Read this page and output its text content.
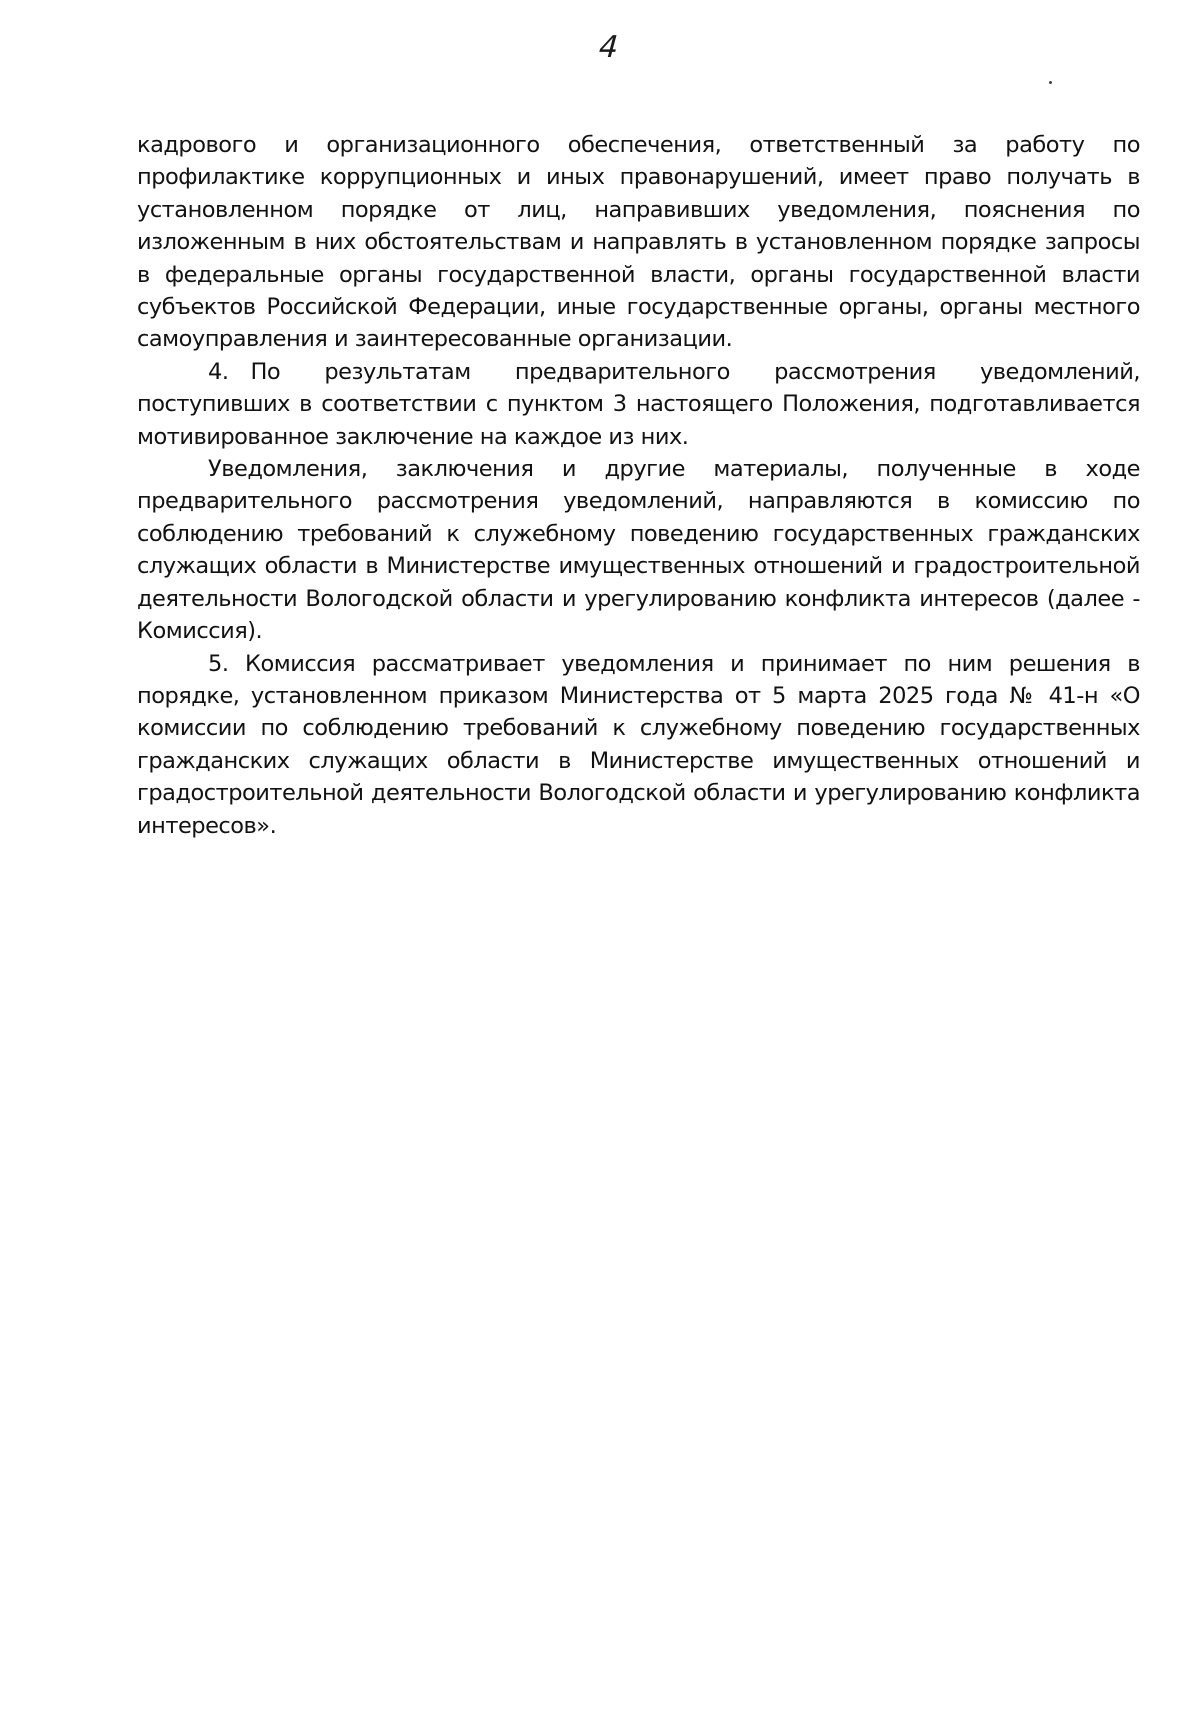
4

кадрового и организационного обеспечения, ответственный за работу по профилактике коррупционных и иных правонарушений, имеет право получать в установленном порядке от лиц, направивших уведомления, пояснения по изложенным в них обстоятельствам и направлять в установленном порядке запросы в федеральные органы государственной власти, органы государственной власти субъектов Российской Федерации, иные государственные органы, органы местного самоуправления и заинтересованные организации.

4. По результатам предварительного рассмотрения уведомлений, поступивших в соответствии с пунктом 3 настоящего Положения, подготавливается мотивированное заключение на каждое из них.

Уведомления, заключения и другие материалы, полученные в ходе предварительного рассмотрения уведомлений, направляются в комиссию по соблюдению требований к служебному поведению государственных гражданских служащих области в Министерстве имущественных отношений и градостроительной деятельности Вологодской области и урегулированию конфликта интересов (далее - Комиссия).

5. Комиссия рассматривает уведомления и принимает по ним решения в порядке, установленном приказом Министерства от 5 марта 2025 года № 41-н «О комиссии по соблюдению требований к служебному поведению государственных гражданских служащих области в Министерстве имущественных отношений и градостроительной деятельности Вологодской области и урегулированию конфликта интересов».
